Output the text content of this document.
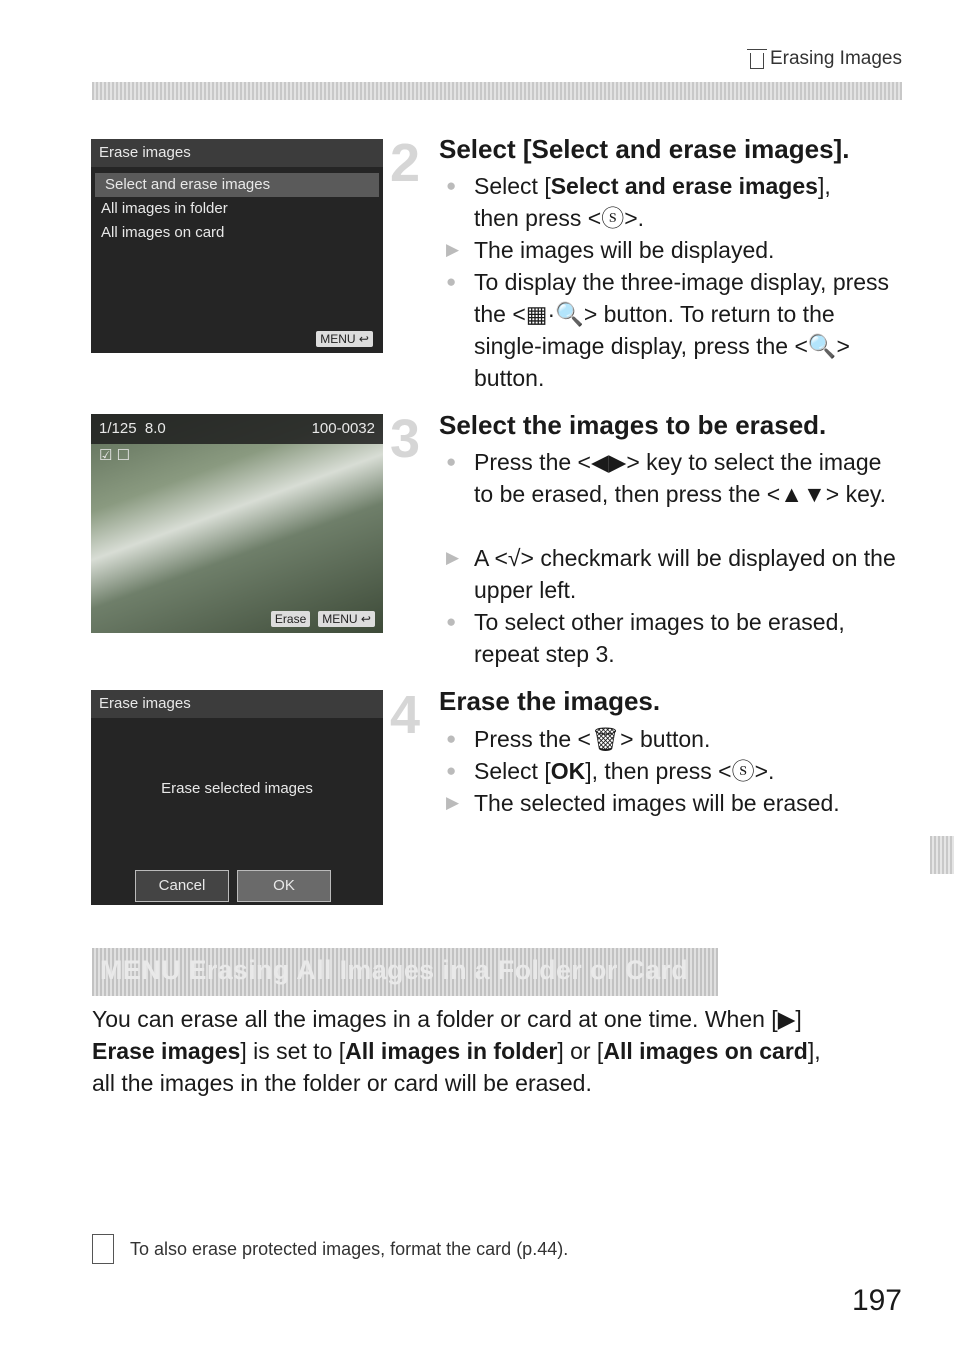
Erasing Images
Erase images
Select and erase images
All images in folder
All images on card
MENU ↩
1/125 8.0	100-0032
☑ ☐
Erase	MENU ↩
Erase images
Erase selected images
Cancel	OK
2 Select [Select and erase images].
● Select [Select and erase images],
then press <ⓢ>.
▶ The images will be displayed.
● To display the three-image display, press the <▦·🔍> button. To return to the single-image display, press the <🔍> button.
3 Select the images to be erased.
● Press the <◀▶> key to select the image to be erased, then press the <▲▼> key.
▶ A <√> checkmark will be displayed on the upper left.
● To select other images to be erased, repeat step 3.
4 Erase the images.
● Press the <🗑> button.
● Select [OK], then press <ⓢ>.
▶ The selected images will be erased.
MENU Erasing All Images in a Folder or Card
You can erase all the images in a folder or card at one time. When [▶]
Erase images] is set to [All images in folder] or [All images on card],
all the images in the folder or card will be erased.
To also erase protected images, format the card (p.44).
197
